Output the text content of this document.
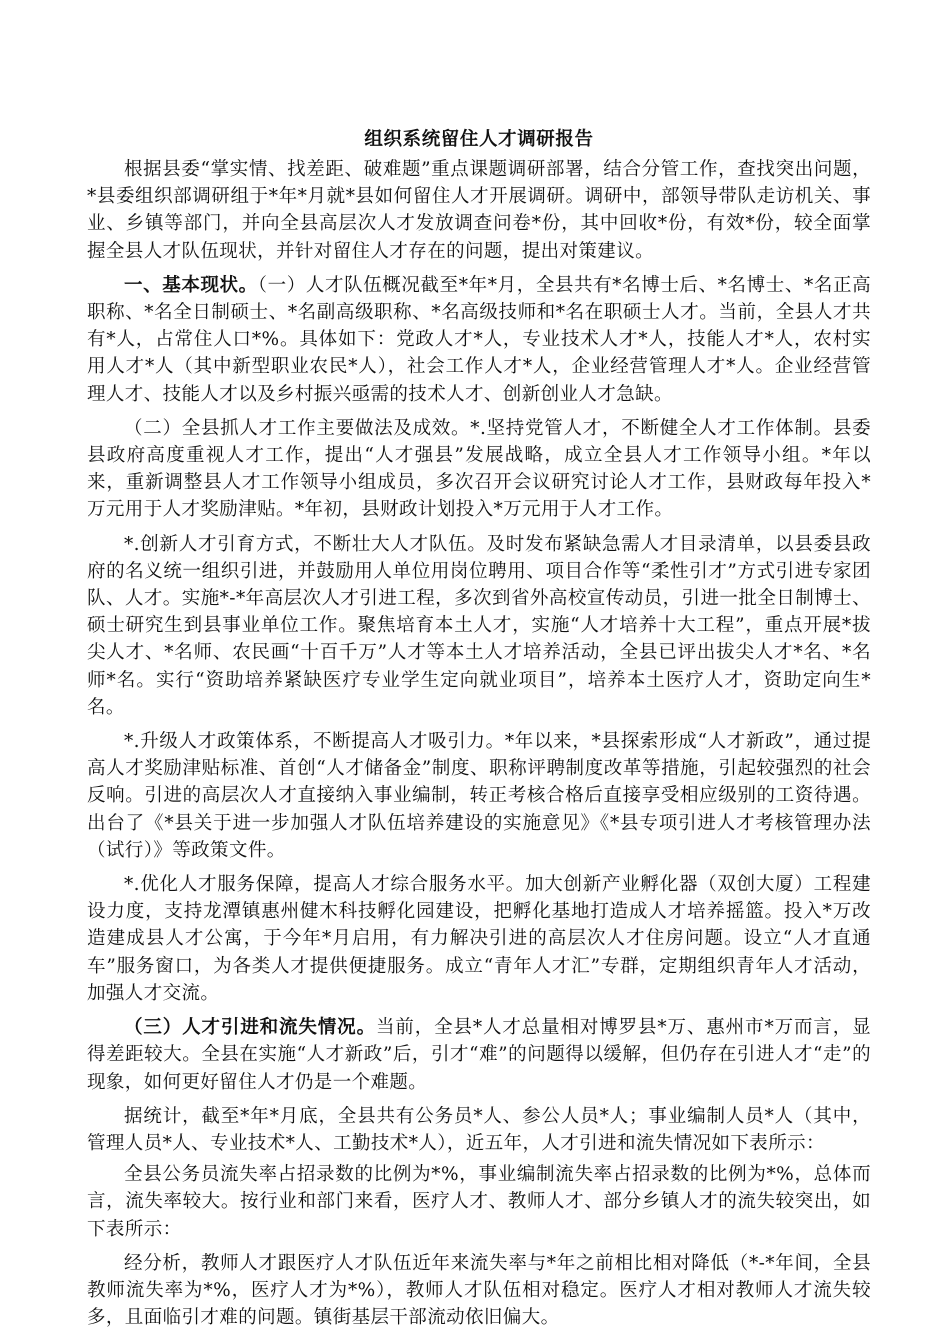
组织系统留住人才调研报告

根据县委“掌实情、找差距、破难题”重点课题调研部署，结合分管工作，查找突出问题，*县委组织部调研组于*年*月就*县如何留住人才开展调研。调研中，部领导带队走访机关、事业、乡镇等部门，并向全县高层次人才发放调查问卷*份，其中回收*份，有效*份，较全面掌握全县人才队伍现状，并针对留住人才存在的问题，提出对策建议。

一、基本现状。（一）人才队伍概况截至*年*月，全县共有*名博士后、*名博士、*名正高职称、*名全日制硕士、*名副高级职称、*名高级技师和*名在职硕士人才。当前，全县人才共有*人，占常住人口*%。具体如下：党政人才*人，专业技术人才*人，技能人才*人，农村实用人才*人（其中新型职业农民*人），社会工作人才*人，企业经营管理人才*人。企业经营管理人才、技能人才以及乡村振兴亟需的技术人才、创新创业人才急缺。

（二）全县抓人才工作主要做法及成效。*.坚持党管人才，不断健全人才工作体制。县委县政府高度重视人才工作，提出“人才强县”发展战略，成立全县人才工作领导小组。*年以来，重新调整县人才工作领导小组成员，多次召开会议研究讨论人才工作，县财政每年投入*万元用于人才奖励津贴。*年初，县财政计划投入*万元用于人才工作。

*.创新人才引育方式，不断壮大人才队伍。及时发布紧缺急需人才目录清单，以县委县政府的名义统一组织引进，并鼓励用人单位用岗位聘用、项目合作等“柔性引才”方式引进专家团队、人才。实施*-*年高层次人才引进工程，多次到省外高校宣传动员，引进一批全日制博士、硕士研究生到县事业单位工作。聚焦培育本土人才，实施“人才培养十大工程”，重点开展*拔尖人才、*名师、农民画“十百千万”人才等本土人才培养活动，全县已评出拔尖人才*名、*名师*名。实行“资助培养紧缺医疗专业学生定向就业项目”，培养本土医疗人才，资助定向生*名。

*.升级人才政策体系，不断提高人才吸引力。*年以来，*县探索形成“人才新政”，通过提高人才奖励津贴标准、首创“人才储备金”制度、职称评聘制度改革等措施，引起较强烈的社会反响。引进的高层次人才直接纳入事业编制，转正考核合格后直接享受相应级别的工资待遇。出台了《*县关于进一步加强人才队伍培养建设的实施意见》《*县专项引进人才考核管理办法（试行）》等政策文件。

*.优化人才服务保障，提高人才综合服务水平。加大创新产业孵化器（双创大厦）工程建设力度，支持龙潭镇惠州健木科技孵化园建设，把孵化基地打造成人才培养摇篮。投入*万改造建成县人才公寓，于今年*月启用，有力解决引进的高层次人才住房问题。设立“人才直通车”服务窗口，为各类人才提供便捷服务。成立“青年人才汇”专群，定期组织青年人才活动，加强人才交流。

（三）人才引进和流失情况。当前，全县*人才总量相对博罗县*万、惠州市*万而言，显得差距较大。全县在实施“人才新政”后，引才“难”的问题得以缓解，但仍存在引进人才“走”的现象，如何更好留住人才仍是一个难题。

据统计，截至*年*月底，全县共有公务员*人、参公人员*人；事业编制人员*人（其中，管理人员*人、专业技术*人、工勤技术*人），近五年，人才引进和流失情况如下表所示：

全县公务员流失率占招录数的比例为*%，事业编制流失率占招录数的比例为*%，总体而言，流失率较大。按行业和部门来看，医疗人才、教师人才、部分乡镇人才的流失较突出，如下表所示：

经分析，教师人才跟医疗人才队伍近年来流失率与*年之前相比相对降低（*-*年间，全县教师流失率为*%，医疗人才为*%），教师人才队伍相对稳定。医疗人才相对教师人才流失较多，且面临引才难的问题。镇街基层干部流动依旧偏大。
